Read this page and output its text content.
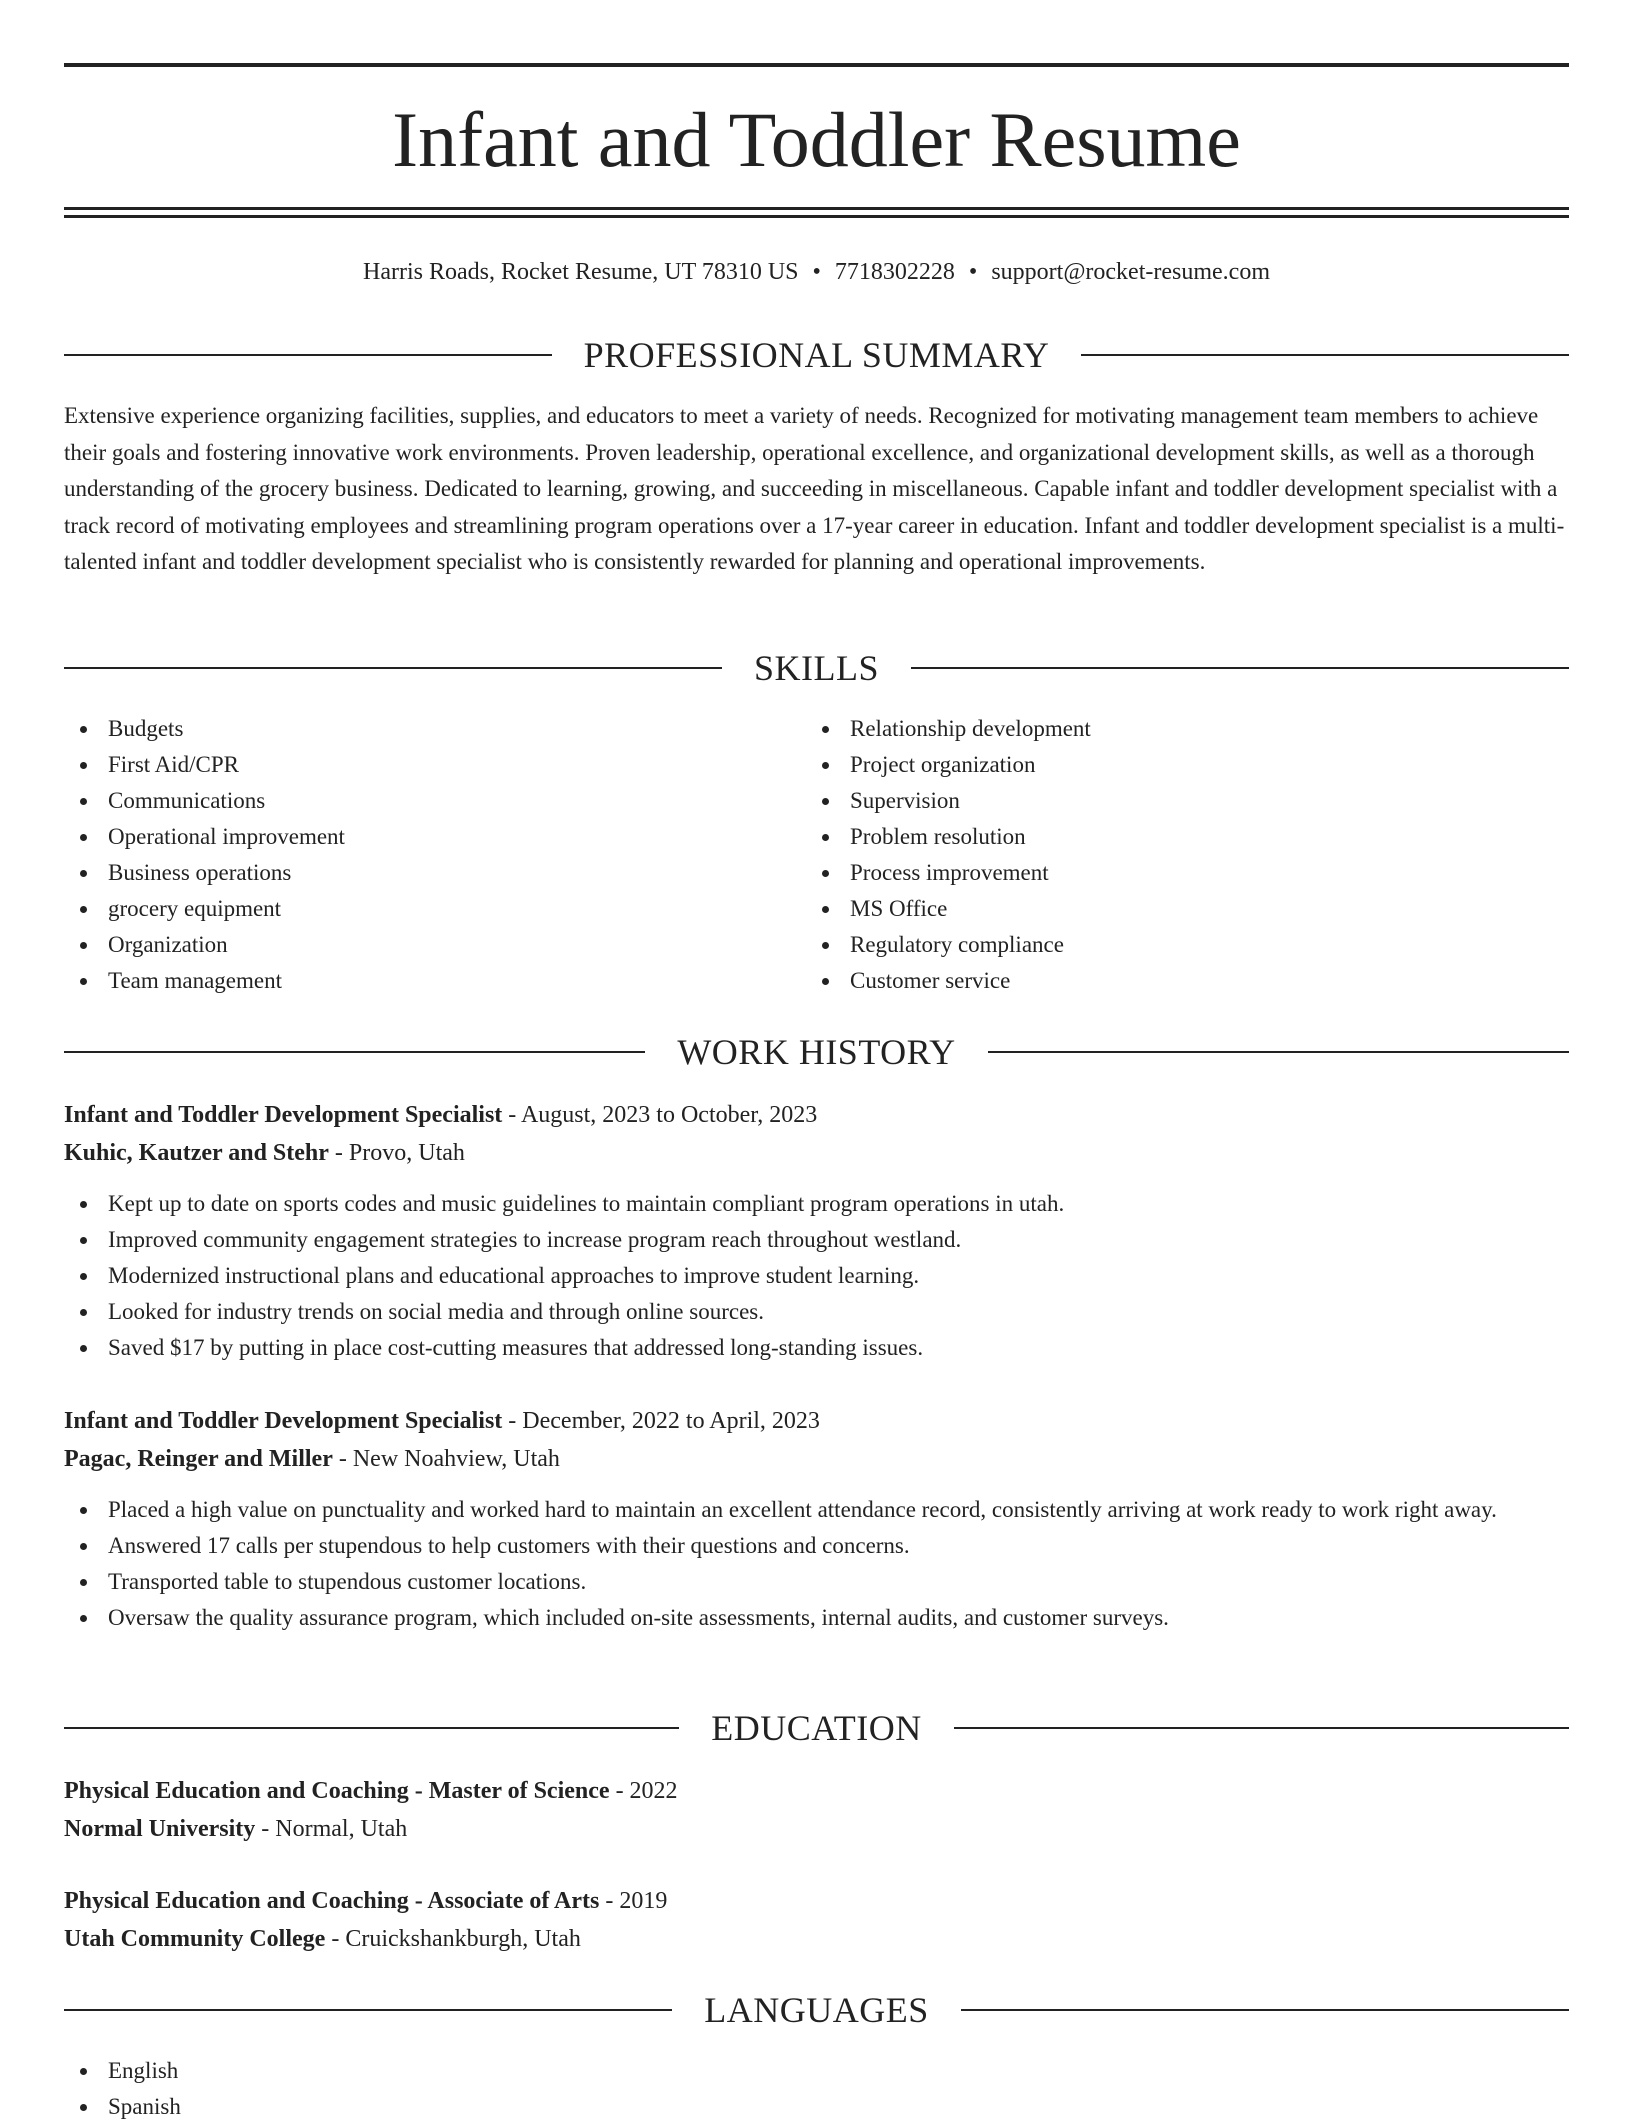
Infant and Toddler Resume
Harris Roads, Rocket Resume, UT 78310 US • 7718302228 • support@rocket-resume.com
PROFESSIONAL SUMMARY

Extensive experience organizing facilities, supplies, and educators to meet a variety of needs. Recognized for motivating management team members to achieve their goals and fostering innovative work environments. Proven leadership, operational excellence, and organizational development skills, as well as a thorough understanding of the grocery business. Dedicated to learning, growing, and succeeding in miscellaneous. Capable infant and toddler development specialist with a track record of motivating employees and streamlining program operations over a 17-year career in education. Infant and toddler development specialist is a multi-talented infant and toddler development specialist who is consistently rewarded for planning and operational improvements.

SKILLS
Budgets
First Aid/CPR
Communications
Operational improvement
Business operations
grocery equipment
Organization
Team management
Relationship development
Project organization
Supervision
Problem resolution
Process improvement
MS Office
Regulatory compliance
Customer service
WORK HISTORY
Infant and Toddler Development Specialist - August, 2023 to October, 2023
Kuhic, Kautzer and Stehr - Provo, Utah
Kept up to date on sports codes and music guidelines to maintain compliant program operations in utah.
Improved community engagement strategies to increase program reach throughout westland.
Modernized instructional plans and educational approaches to improve student learning.
Looked for industry trends on social media and through online sources.
Saved $17 by putting in place cost-cutting measures that addressed long-standing issues.
Infant and Toddler Development Specialist - December, 2022 to April, 2023
Pagac, Reinger and Miller - New Noahview, Utah
Placed a high value on punctuality and worked hard to maintain an excellent attendance record, consistently arriving at work ready to work right away.
Answered 17 calls per stupendous to help customers with their questions and concerns.
Transported table to stupendous customer locations.
Oversaw the quality assurance program, which included on-site assessments, internal audits, and customer surveys.
EDUCATION
Physical Education and Coaching - Master of Science - 2022
Normal University - Normal, Utah
Physical Education and Coaching - Associate of Arts - 2019
Utah Community College - Cruickshankburgh, Utah
LANGUAGES
English
Spanish
